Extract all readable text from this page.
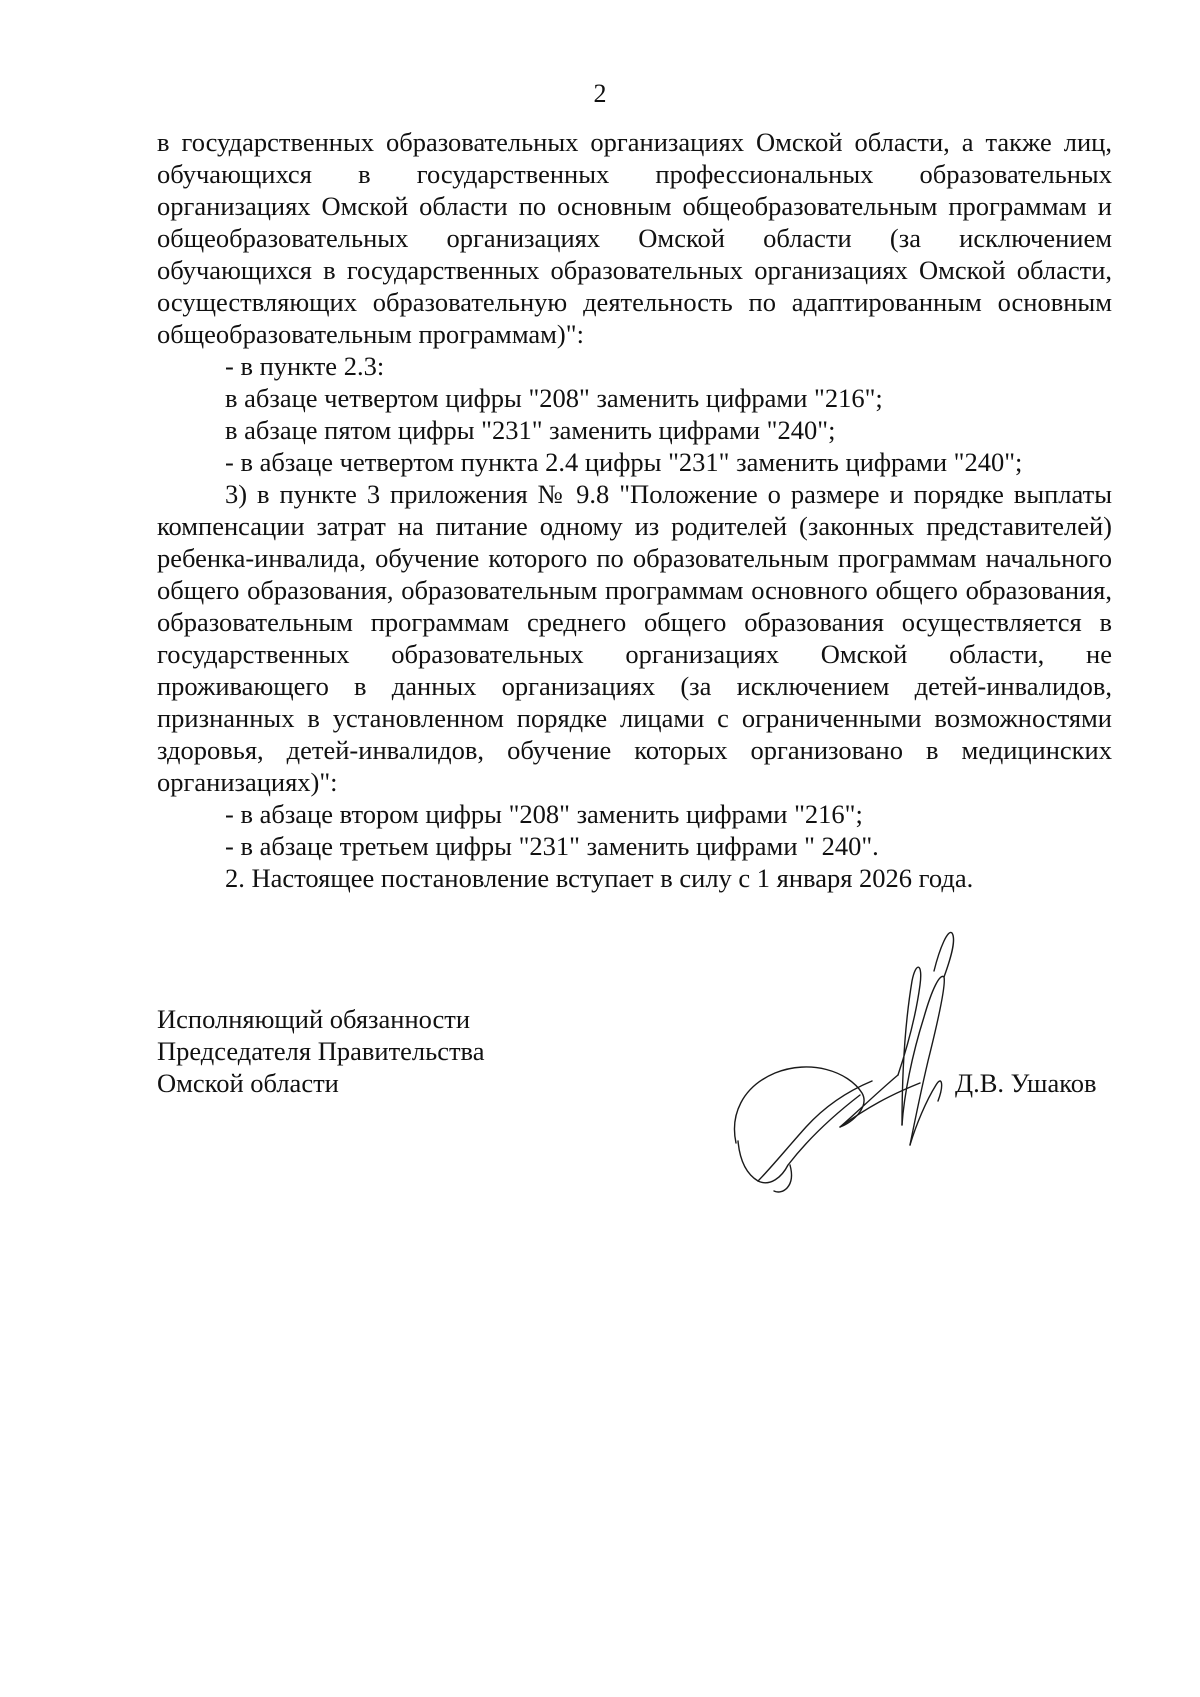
2

в государственных образовательных организациях Омской области, а также лиц, обучающихся в государственных профессиональных образовательных организациях Омской области по основным общеобразовательным программам и общеобразовательных организациях Омской области (за исключением обучающихся в государственных образовательных организациях Омской области, осуществляющих образовательную деятельность по адаптированным основным общеобразовательным программам)":

- в пункте 2.3:

в абзаце четвертом цифры "208" заменить цифрами "216";

в абзаце пятом цифры "231" заменить цифрами "240";

- в абзаце четвертом пункта 2.4 цифры "231" заменить цифрами "240";

3) в пункте 3 приложения № 9.8 "Положение о размере и порядке выплаты компенсации затрат на питание одному из родителей (законных представителей) ребенка-инвалида, обучение которого по образовательным программам начального общего образования, образовательным программам основного общего образования, образовательным программам среднего общего образования осуществляется в государственных образовательных организациях Омской области, не проживающего в данных организациях (за исключением детей-инвалидов, признанных в установленном порядке лицами с ограниченными возможностями здоровья, детей-инвалидов, обучение которых организовано в медицинских организациях)":

- в абзаце втором цифры "208" заменить цифрами "216";

- в абзаце третьем цифры "231" заменить цифрами " 240".

2. Настоящее постановление вступает в силу с 1 января 2026 года.

Исполняющий обязанности
Председателя Правительства
Омской области	Д.В. Ушаков
